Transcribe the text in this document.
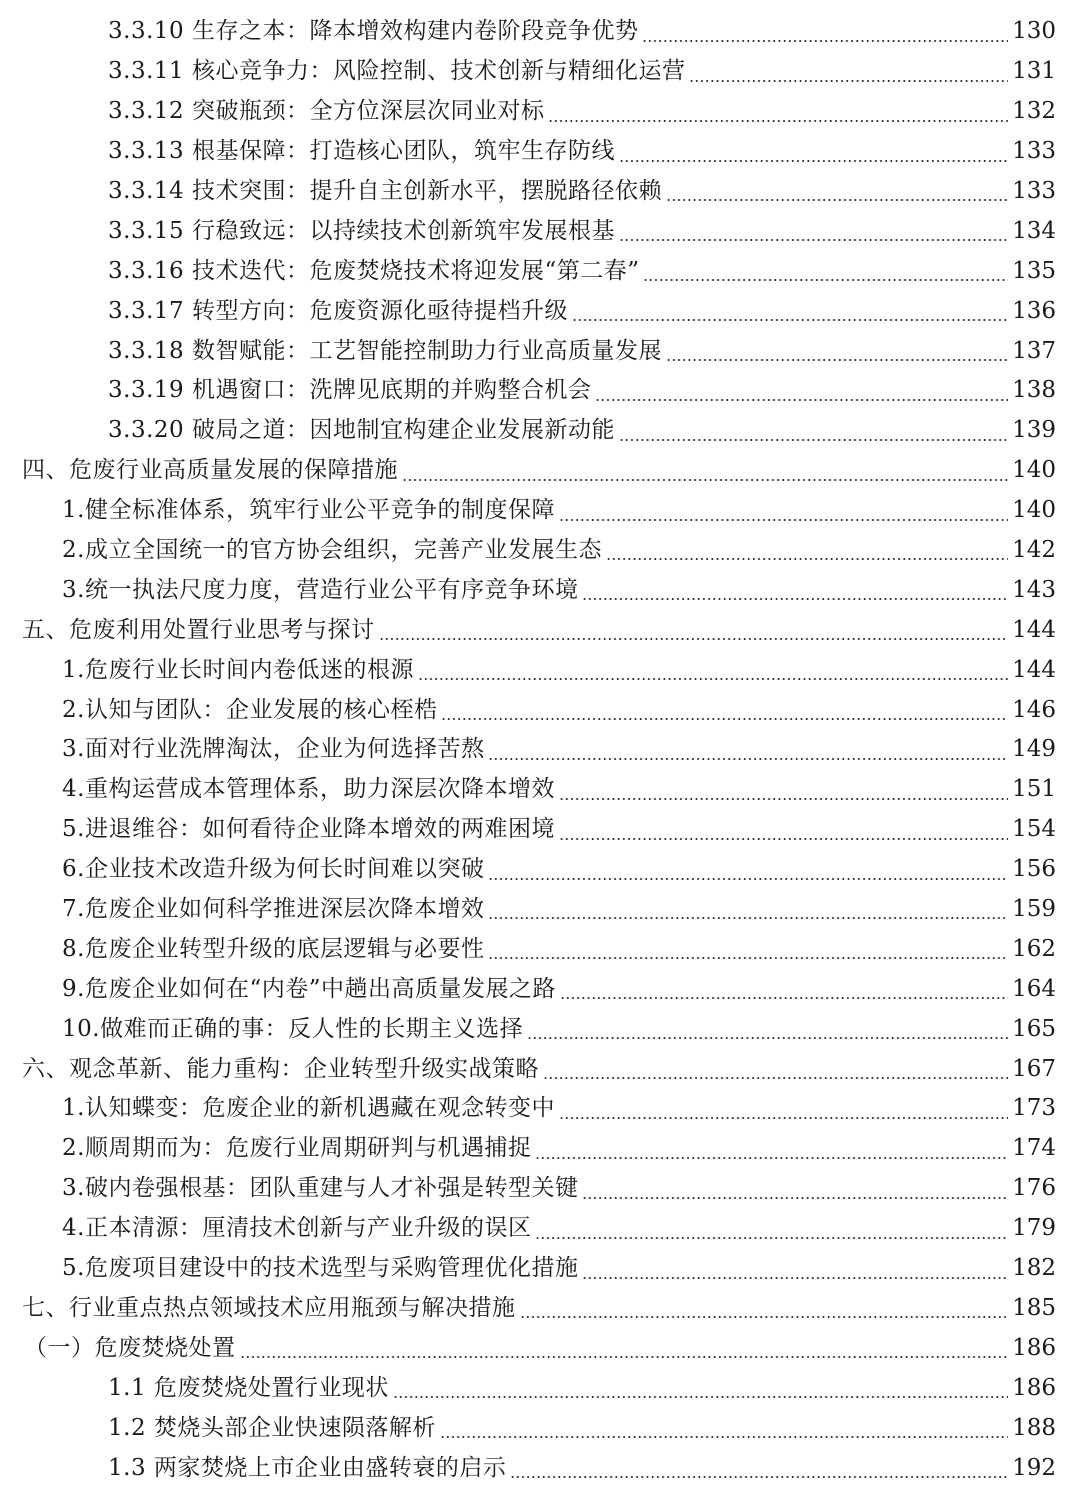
3.3.10 生存之本：降本增效构建内卷阶段竞争优势	130
3.3.11 核心竞争力：风险控制、技术创新与精细化运营	131
3.3.12 突破瓶颈：全方位深层次同业对标	132
3.3.13 根基保障：打造核心团队，筑牢生存防线	133
3.3.14 技术突围：提升自主创新水平，摆脱路径依赖	133
3.3.15 行稳致远：以持续技术创新筑牢发展根基	134
3.3.16 技术迭代：危废焚烧技术将迎发展“第二春”	135
3.3.17 转型方向：危废资源化亟待提档升级	136
3.3.18 数智赋能：工艺智能控制助力行业高质量发展	137
3.3.19 机遇窗口：洗牌见底期的并购整合机会	138
3.3.20 破局之道：因地制宜构建企业发展新动能	139
四、危废行业高质量发展的保障措施	140
1.健全标准体系，筑牢行业公平竞争的制度保障	140
2.成立全国统一的官方协会组织，完善产业发展生态	142
3.统一执法尺度力度，营造行业公平有序竞争环境	143
五、危废利用处置行业思考与探讨	144
1.危废行业长时间内卷低迷的根源	144
2.认知与团队：企业发展的核心桎梏	146
3.面对行业洗牌淘汰，企业为何选择苦熬	149
4.重构运营成本管理体系，助力深层次降本增效	151
5.进退维谷：如何看待企业降本增效的两难困境	154
6.企业技术改造升级为何长时间难以突破	156
7.危废企业如何科学推进深层次降本增效	159
8.危废企业转型升级的底层逻辑与必要性	162
9.危废企业如何在“内卷”中趟出高质量发展之路	164
10.做难而正确的事：反人性的长期主义选择	165
六、观念革新、能力重构：企业转型升级实战策略	167
1.认知蝶变：危废企业的新机遇藏在观念转变中	173
2.顺周期而为：危废行业周期研判与机遇捕捉	174
3.破内卷强根基：团队重建与人才补强是转型关键	176
4.正本清源：厘清技术创新与产业升级的误区	179
5.危废项目建设中的技术选型与采购管理优化措施	182
七、行业重点热点领域技术应用瓶颈与解决措施	185
（一）危废焚烧处置	186
1.1 危废焚烧处置行业现状	186
1.2 焚烧头部企业快速陨落解析	188
1.3 两家焚烧上市企业由盛转衰的启示	192
